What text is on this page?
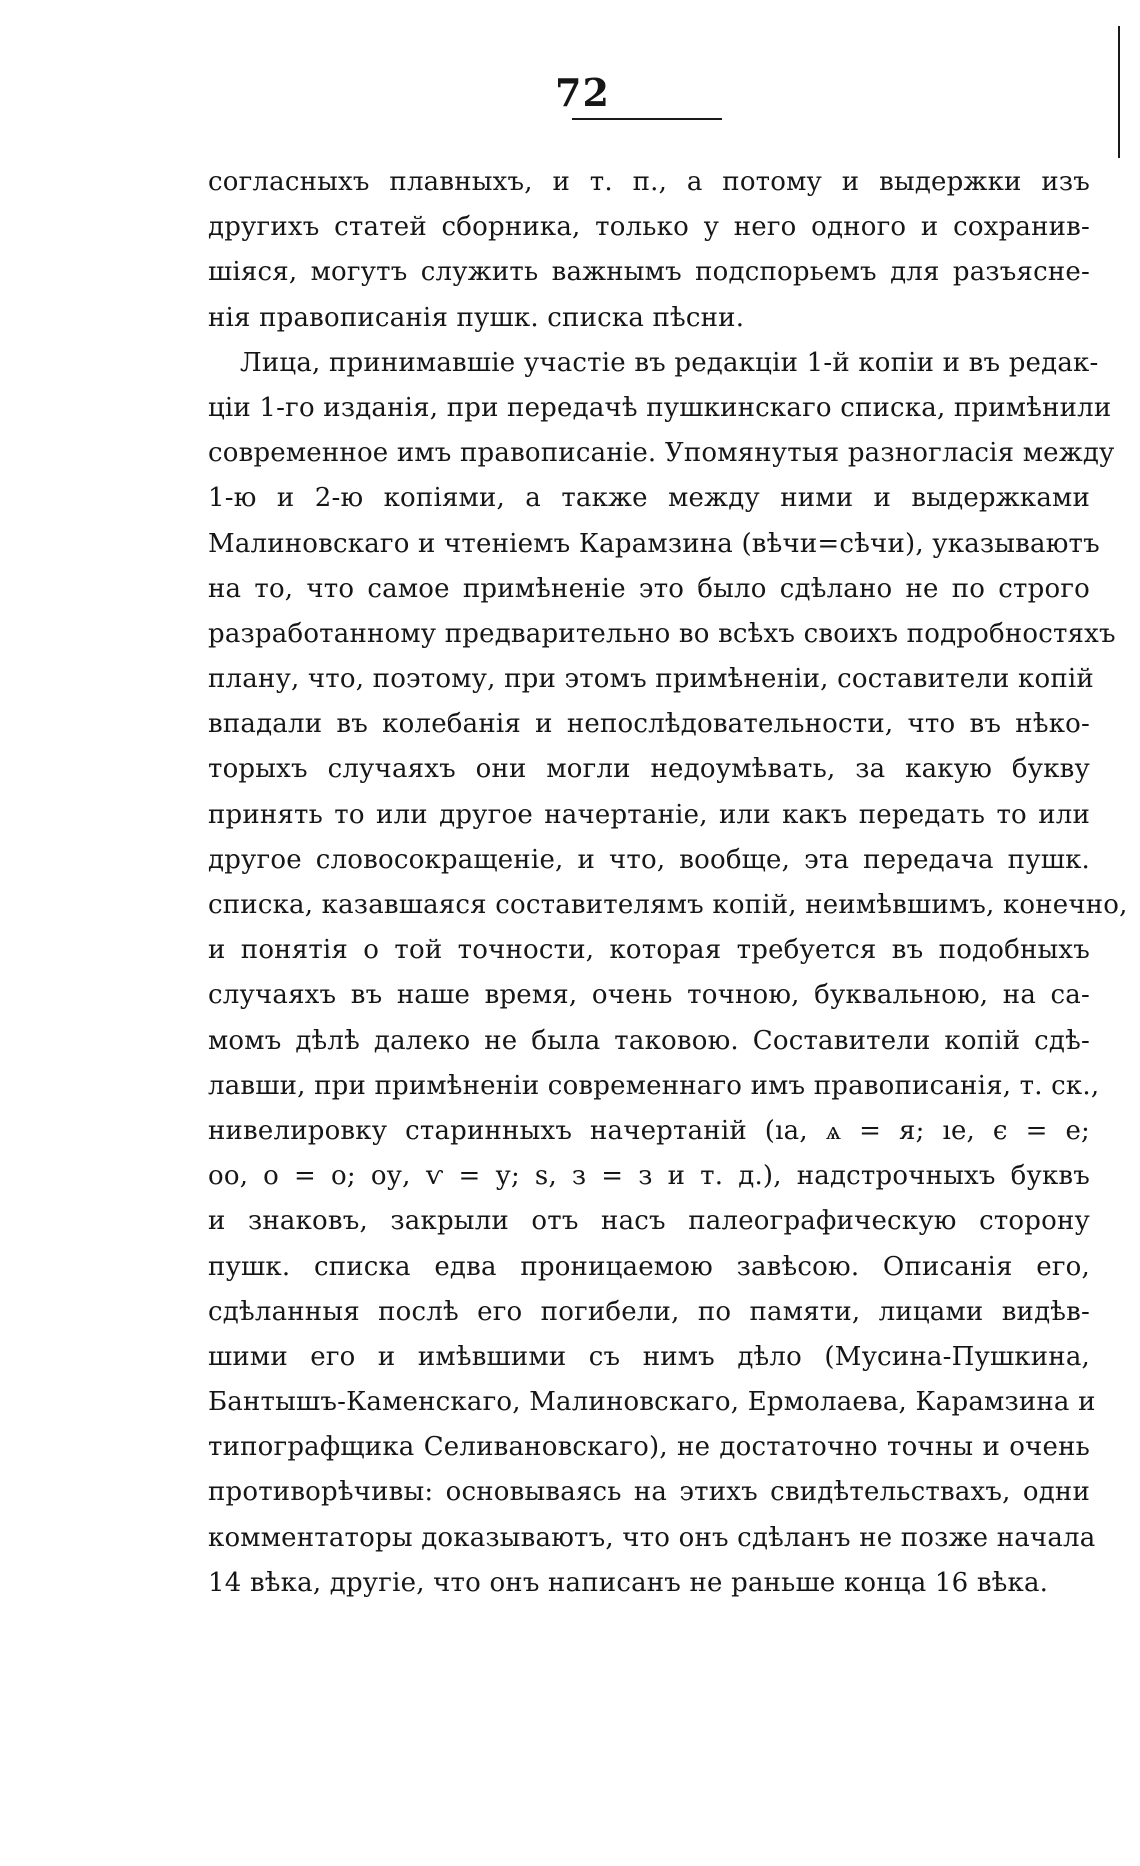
72
согласныхъ плавныхъ, и т. п., а потому и выдержки изъ
другихъ статей сборника, только у него одного и сохранив-
шіяся, могутъ служить важнымъ подспорьемъ для разъясне-
нія правописанія пушк. списка пѣсни.
Лица, принимавшіе участіе въ редакціи 1-й копіи и въ редак-
ціи 1-го изданія, при передачѣ пушкинскаго списка, примѣнили
современное имъ правописаніе. Упомянутыя разногласія между
1-ю и 2-ю копіями, а также между ними и выдержками
Малиновскаго и чтеніемъ Карамзина (вѣчи=сѣчи), указываютъ
на то, что самое примѣненіе это было сдѣлано не по строго
разработанному предварительно во всѣхъ своихъ подробностяхъ
плану, что, поэтому, при этомъ примѣненіи, составители копій
впадали въ колебанія и непослѣдовательности, что въ нѣко-
торыхъ случаяхъ они могли недоумѣвать, за какую букву
принять то или другое начертаніе, или какъ передать то или
другое словосокращеніе, и что, вообще, эта передача пушк.
списка, казавшаяся составителямъ копій, неимѣвшимъ, конечно,
и понятія о той точности, которая требуется въ подобныхъ
случаяхъ въ наше время, очень точною, буквальною, на са-
момъ дѣлѣ далеко не была таковою. Составители копій сдѣ-
лавши, при примѣненіи современнаго имъ правописанія, т. ск.,
нивелировку старинныхъ начертаній (ıa, ѧ = я; ıe, є = е;
оо, о = о; оу, ѵ = у; s, з = з и т. д.), надстрочныхъ буквъ
и знаковъ, закрыли отъ насъ палеографическую сторону
пушк. списка едва проницаемою завѣсою. Описанія его,
сдѣланныя послѣ его погибели, по памяти, лицами видѣв-
шими его и имѣвшими съ нимъ дѣло (Мусина-Пушкина,
Бантышъ-Каменскаго, Малиновскаго, Ермолаева, Карамзина и
типографщика Селивановскаго), не достаточно точны и очень
противорѣчивы: основываясь на этихъ свидѣтельствахъ, одни
комментаторы доказываютъ, что онъ сдѣланъ не позже начала
14 вѣка, другіе, что онъ написанъ не раньше конца 16 вѣка.
